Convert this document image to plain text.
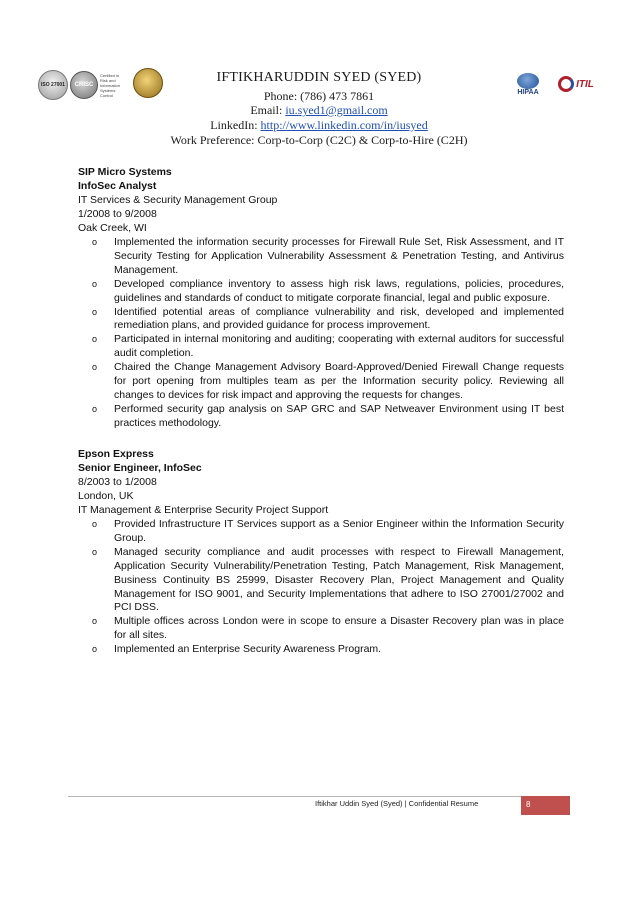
ISO 27001 CRISC
Certified in Risk and Information Systems Control	HIPAA
ITIL
IFTIKHARUDDIN SYED (SYED)
Phone: (786) 473 7861
Email: iu.syed1@gmail.com
LinkedIn: http://www.linkedin.com/in/iusyed
Work Preference: Corp-to-Corp (C2C) & Corp-to-Hire (C2H)
SIP Micro Systems
InfoSec Analyst
IT Services & Security Management Group
1/2008 to 9/2008
Oak Creek, WI
o Implemented the information security processes for Firewall Rule Set, Risk Assessment, and IT Security Testing for Application Vulnerability Assessment & Penetration Testing, and Antivirus Management.
o Developed compliance inventory to assess high risk laws, regulations, policies, procedures, guidelines and standards of conduct to mitigate corporate financial, legal and public exposure.
o Identified potential areas of compliance vulnerability and risk, developed and implemented remediation plans, and provided guidance for process improvement.
o Participated in internal monitoring and auditing; cooperating with external auditors for successful audit completion.
o Chaired the Change Management Advisory Board-Approved/Denied Firewall Change requests for port opening from multiples team as per the Information security policy. Reviewing all changes to devices for risk impact and approving the requests for changes.
o Performed security gap analysis on SAP GRC and SAP Netweaver Environment using IT best practices methodology.
Epson Express
Senior Engineer, InfoSec
8/2003 to 1/2008
London, UK
IT Management & Enterprise Security Project Support
o Provided Infrastructure IT Services support as a Senior Engineer within the Information Security Group.
o Managed security compliance and audit processes with respect to Firewall Management, Application Security Vulnerability/Penetration Testing, Patch Management, Risk Management, Business Continuity BS 25999, Disaster Recovery Plan, Project Management and Quality Management for ISO 9001, and Security Implementations that adhere to ISO 27001/27002 and PCI DSS.
o Multiple offices across London were in scope to ensure a Disaster Recovery plan was in place for all sites.
o Implemented an Enterprise Security Awareness Program.
Iftikhar Uddin Syed (Syed) | Confidential Resume	8
